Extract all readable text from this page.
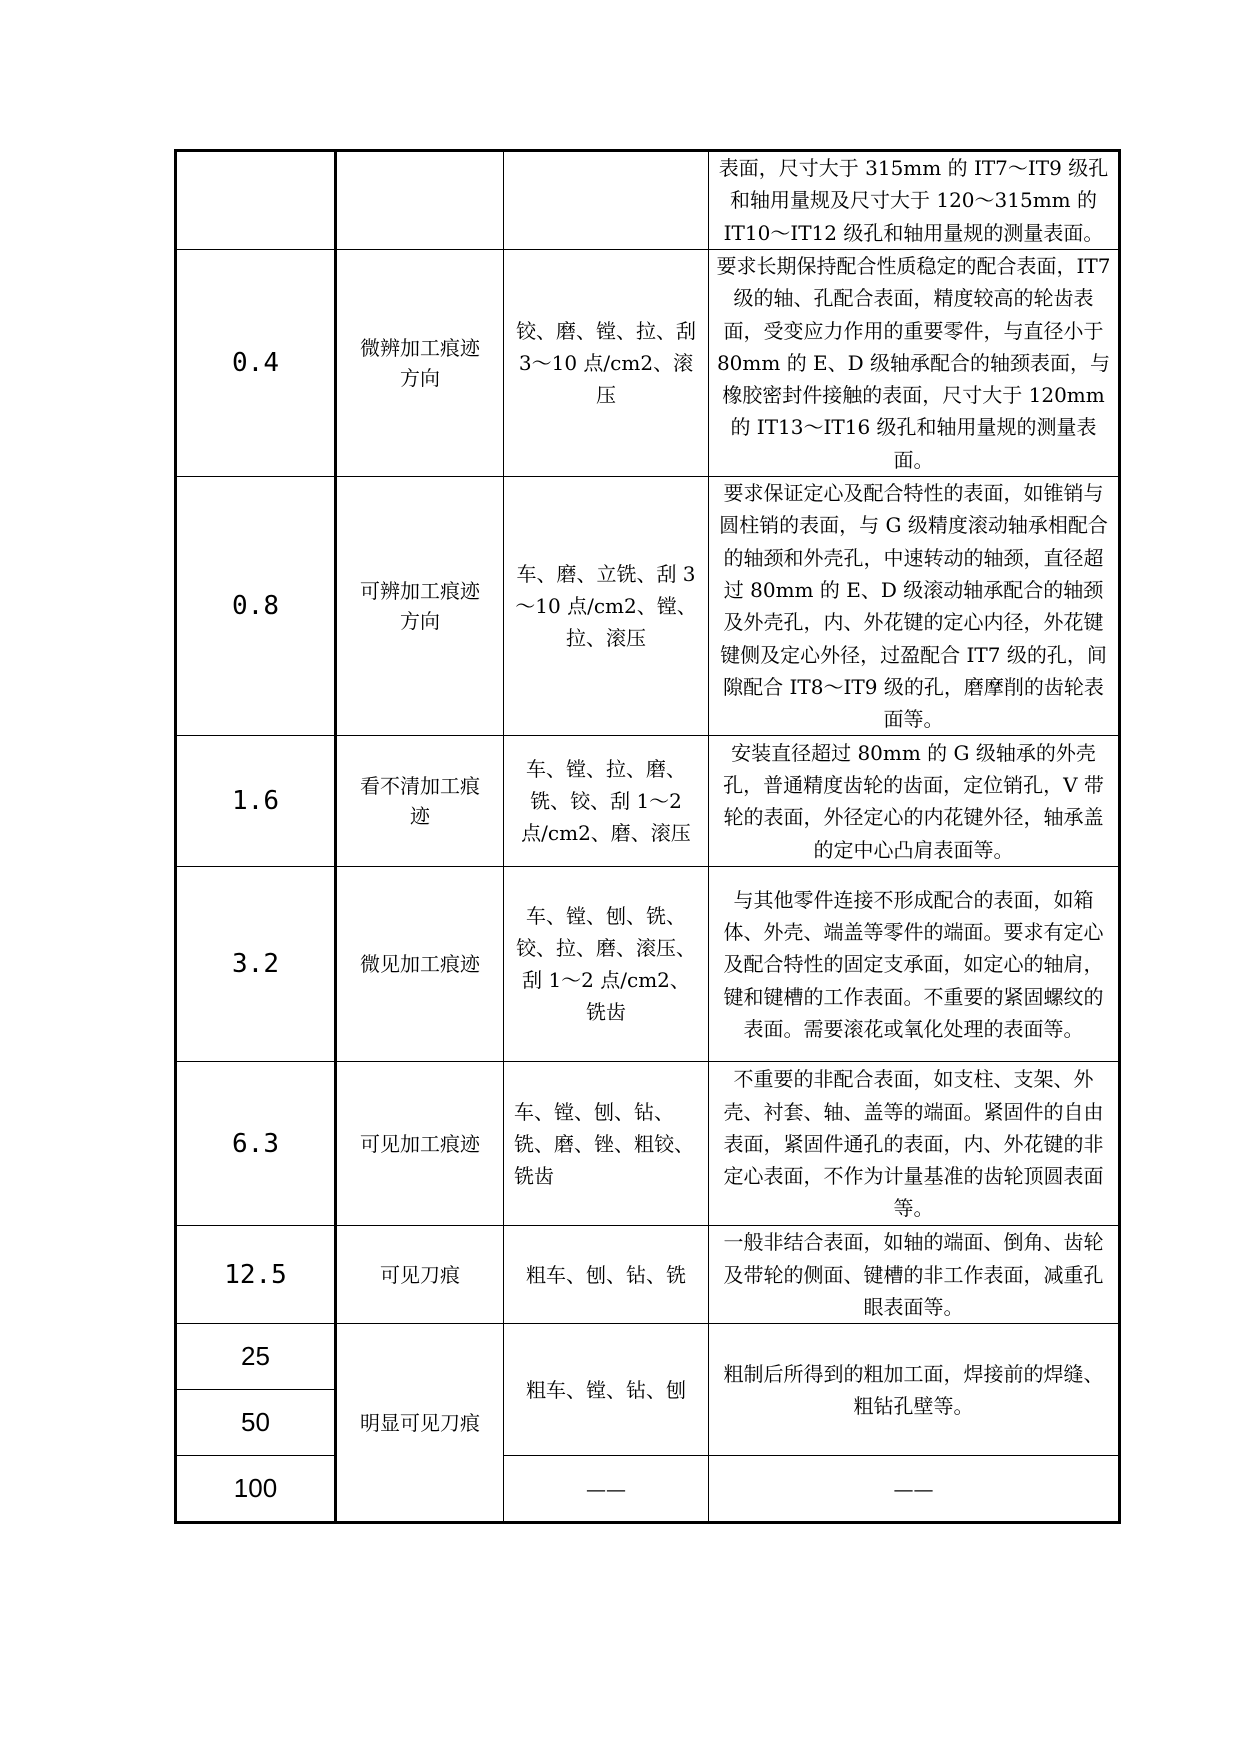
			表面，尺寸大于 315mm 的 IT7～IT9 级孔和轴用量规及尺寸大于 120～315mm 的 IT10～IT12 级孔和轴用量规的测量表面。
0.4	微辨加工痕迹方向	铰、磨、镗、拉、刮 3～10 点/cm2、滚压	要求长期保持配合性质稳定的配合表面，IT7 级的轴、孔配合表面，精度较高的轮齿表面，受变应力作用的重要零件，与直径小于 80mm 的 E、D 级轴承配合的轴颈表面，与橡胶密封件接触的表面，尺寸大于 120mm 的 IT13～IT16 级孔和轴用量规的测量表面。
0.8	可辨加工痕迹方向	车、磨、立铣、刮 3～10 点/cm2、镗、拉、滚压	要求保证定心及配合特性的表面，如锥销与圆柱销的表面，与 G 级精度滚动轴承相配合的轴颈和外壳孔，中速转动的轴颈，直径超过 80mm 的 E、D 级滚动轴承配合的轴颈及外壳孔，内、外花键的定心内径，外花键键侧及定心外径，过盈配合 IT7 级的孔，间隙配合 IT8～IT9 级的孔，磨摩削的齿轮表面等。
1.6	看不清加工痕迹	车、镗、拉、磨、铣、铰、刮 1～2 点/cm2、磨、滚压	安装直径超过 80mm 的 G 级轴承的外壳孔，普通精度齿轮的齿面，定位销孔，V 带轮的表面，外径定心的内花键外径，轴承盖的定中心凸肩表面等。
3.2	微见加工痕迹	车、镗、刨、铣、铰、拉、磨、滚压、刮 1～2 点/cm2、铣齿	与其他零件连接不形成配合的表面，如箱体、外壳、端盖等零件的端面。要求有定心及配合特性的固定支承面，如定心的轴肩，键和键槽的工作表面。不重要的紧固螺纹的表面。需要滚花或氧化处理的表面等。
6.3	可见加工痕迹	车、镗、刨、钻、铣、磨、锉、粗铰、铣齿	不重要的非配合表面，如支柱、支架、外壳、衬套、轴、盖等的端面。紧固件的自由表面，紧固件通孔的表面，内、外花键的非定心表面，不作为计量基准的齿轮顶圆表面等。
12.5	可见刀痕	粗车、刨、钻、铣	一般非结合表面，如轴的端面、倒角、齿轮及带轮的侧面、键槽的非工作表面，减重孔眼表面等。
25	明显可见刀痕	粗车、镗、钻、刨	粗制后所得到的粗加工面，焊接前的焊缝、粗钻孔壁等。
50			
100		——	——
